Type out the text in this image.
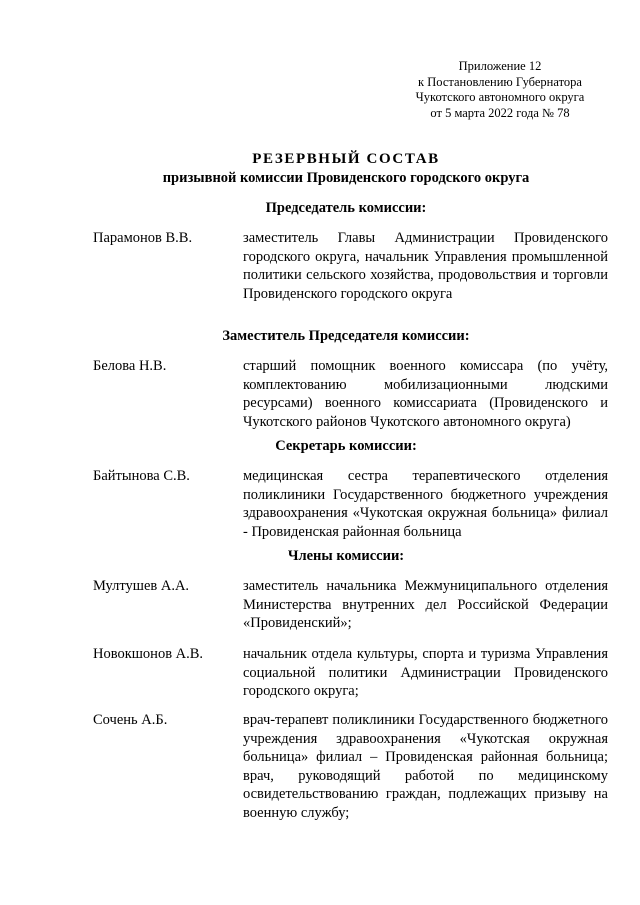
Приложение 12
к Постановлению Губернатора
Чукотского автономного округа
от 5 марта 2022 года № 78
РЕЗЕРВНЫЙ СОСТАВ
призывной комиссии Провиденского городского округа
Председатель комиссии:
Парамонов В.В.	заместитель Главы Администрации Провиденского городского округа, начальник Управления промышленной политики сельского хозяйства, продовольствия и торговли Провиденского городского округа
Заместитель Председателя комиссии:
Белова Н.В.	старший помощник военного комиссара (по учёту, комплектованию мобилизационными людскими ресурсами) военного комиссариата (Провиденского и Чукотского районов Чукотского автономного округа)
Секретарь комиссии:
Байтынова С.В.	медицинская сестра терапевтического отделения поликлиники Государственного бюджетного учреждения здравоохранения «Чукотская окружная больница» филиал - Провиденская районная больница
Члены комиссии:
Мултушев А.А.	заместитель начальника Межмуниципального отделения Министерства внутренних дел Российской Федерации «Провиденский»;
Новокшонов А.В.	начальник отдела культуры, спорта и туризма Управления социальной политики Администрации Провиденского городского округа;
Сочень А.Б.	врач-терапевт поликлиники Государственного бюджетного учреждения здравоохранения «Чукотская окружная больница» филиал – Провиденская районная больница; врач, руководящий работой по медицинскому освидетельствованию граждан, подлежащих призыву на военную службу;
